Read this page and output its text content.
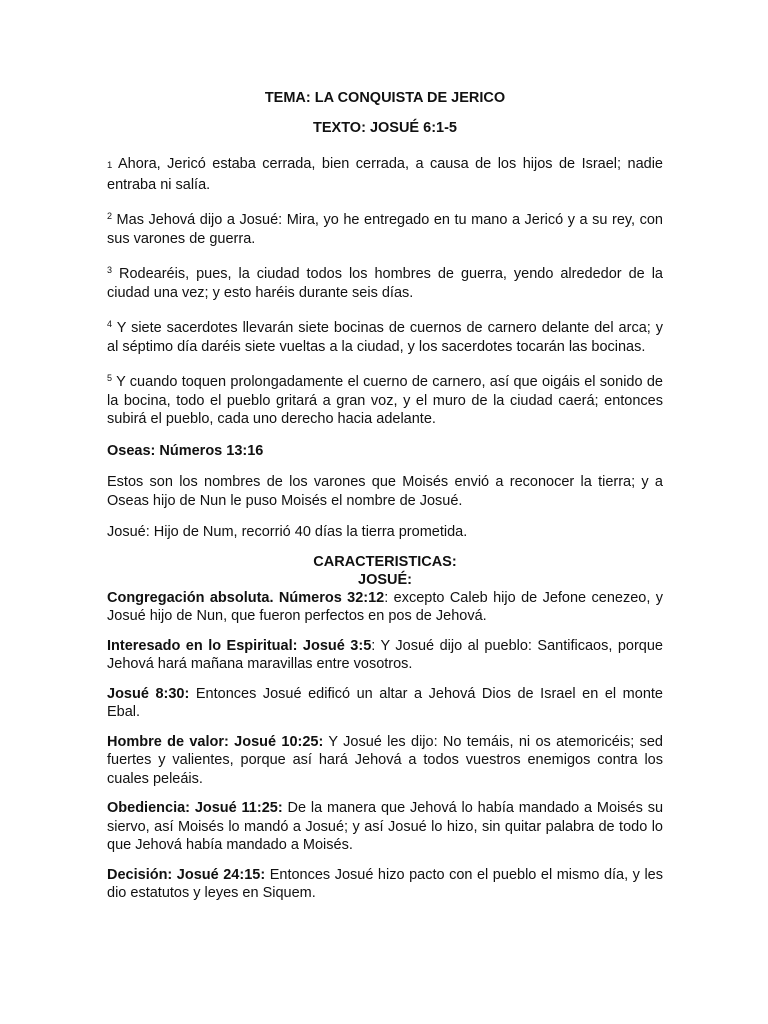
TEMA: LA CONQUISTA DE JERICO
TEXTO: JOSUÉ 6:1-5

1 Ahora, Jericó estaba cerrada, bien cerrada, a causa de los hijos de Israel; nadie entraba ni salía.

$^2$ Mas Jehová dijo a Josué: Mira, yo he entregado en tu mano a Jericó y a su rey, con sus varones de guerra.

$^3$ Rodearéis, pues, la ciudad todos los hombres de guerra, yendo alrededor de la ciudad una vez; y esto haréis durante seis días.

$^4$ Y siete sacerdotes llevarán siete bocinas de cuernos de carnero delante del arca; y al séptimo día daréis siete vueltas a la ciudad, y los sacerdotes tocarán las bocinas.

$^5$ Y cuando toquen prolongadamente el cuerno de carnero, así que oigáis el sonido de la bocina, todo el pueblo gritará a gran voz, y el muro de la ciudad caerá; entonces subirá el pueblo, cada uno derecho hacia adelante.

Oseas: Números 13:16

Estos son los nombres de los varones que Moisés envió a reconocer la tierra; y a Oseas hijo de Nun le puso Moisés el nombre de Josué.

Josué: Hijo de Num, recorrió 40 días la tierra prometida.

CARACTERISTICAS:

JOSUÉ:

Congregación absoluta. Números 32:12: excepto Caleb hijo de Jefone cenezeo, y Josué hijo de Nun, que fueron perfectos en pos de Jehová.

Interesado en lo Espiritual: Josué 3:5: Y Josué dijo al pueblo: Santificaos, porque Jehová hará mañana maravillas entre vosotros.

Josué 8:30: Entonces Josué edificó un altar a Jehová Dios de Israel en el monte Ebal.

Hombre de valor: Josué 10:25: Y Josué les dijo: No temáis, ni os atemoricéis; sed fuertes y valientes, porque así hará Jehová a todos vuestros enemigos contra los cuales peleáis.

Obediencia: Josué 11:25: De la manera que Jehová lo había mandado a Moisés su siervo, así Moisés lo mandó a Josué; y así Josué lo hizo, sin quitar palabra de todo lo que Jehová había mandado a Moisés.

Decisión: Josué 24:15: Entonces Josué hizo pacto con el pueblo el mismo día, y les dio estatutos y leyes en Siquem.
